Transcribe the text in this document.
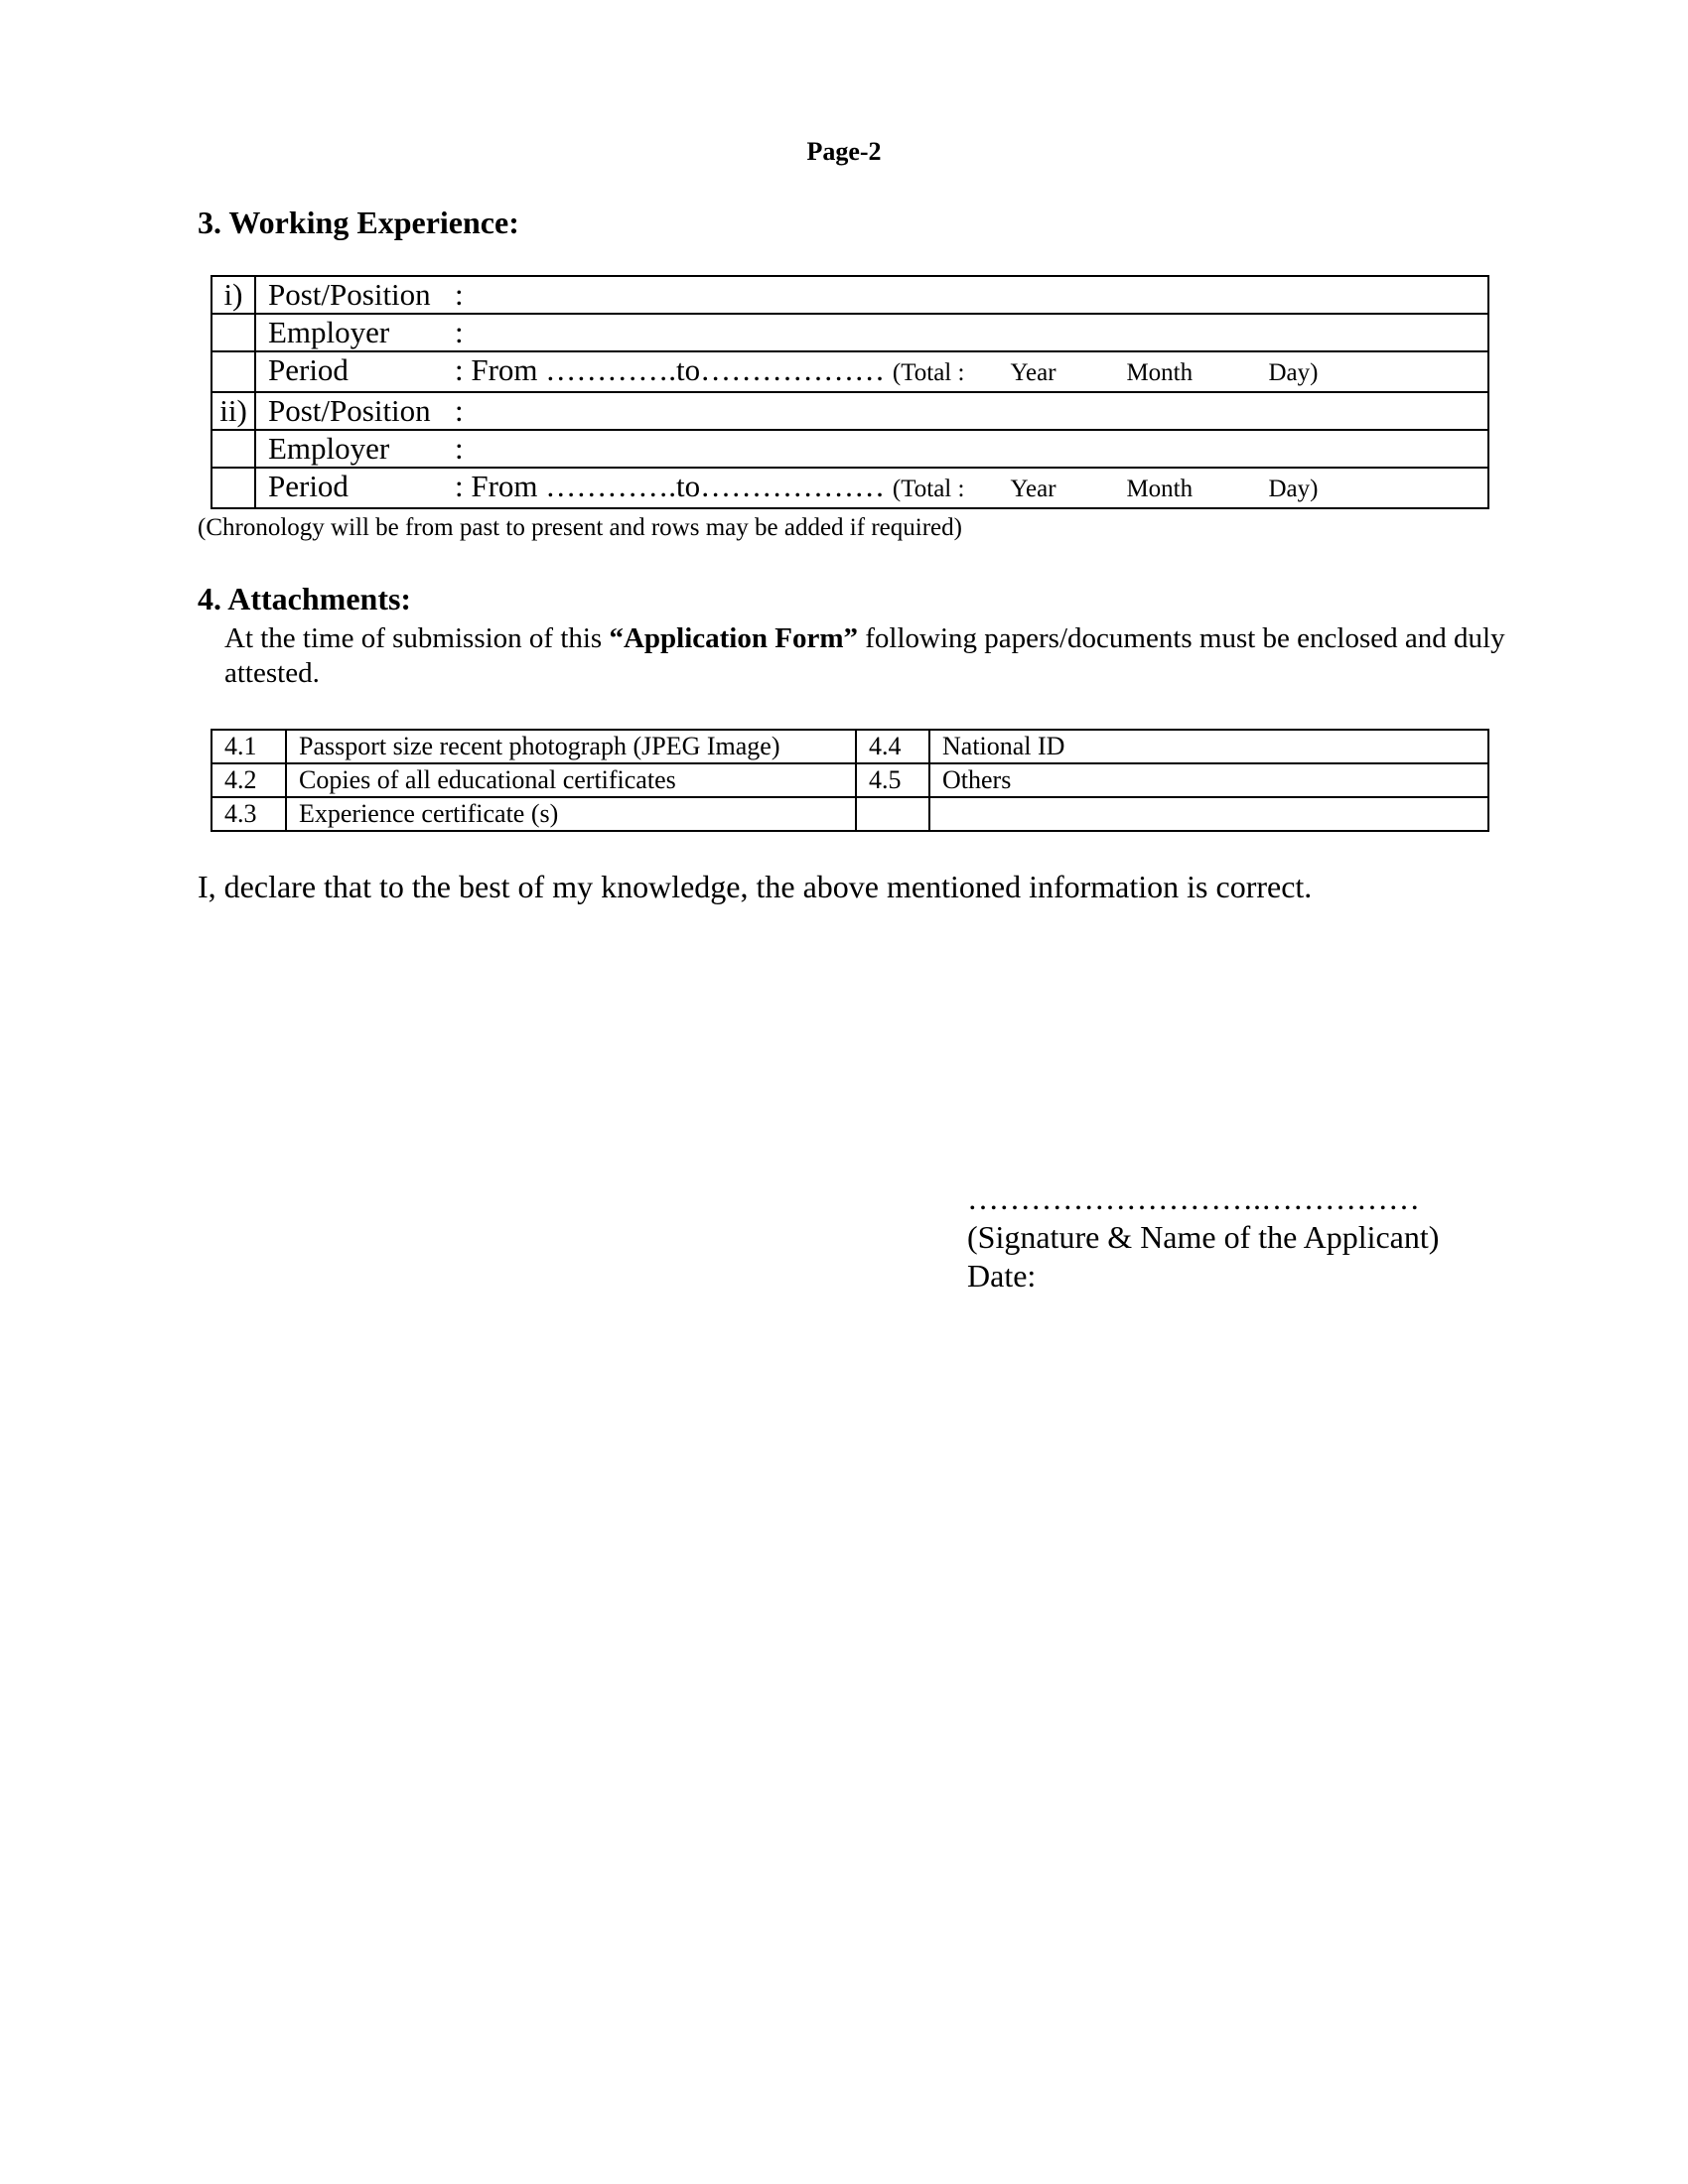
Page-2
3. Working Experience:
i)	Post/Position :
	Employer :
	Period : From ………….to……………… (Total : Year Month Day)
ii)	Post/Position :
	Employer :
	Period : From ………….to……………… (Total : Year Month Day)
(Chronology will be from past to present and rows may be added if required)
4. Attachments:
At the time of submission of this “Application Form” following papers/documents must be enclosed and duly attested.
4.1	Passport size recent photograph (JPEG Image)	4.4	National ID
4.2	Copies of all educational certificates	4.5	Others
4.3	Experience certificate (s)		
I, declare that to the best of my knowledge, the above mentioned information is correct.
……………………….……………
(Signature & Name of the Applicant)
Date:
